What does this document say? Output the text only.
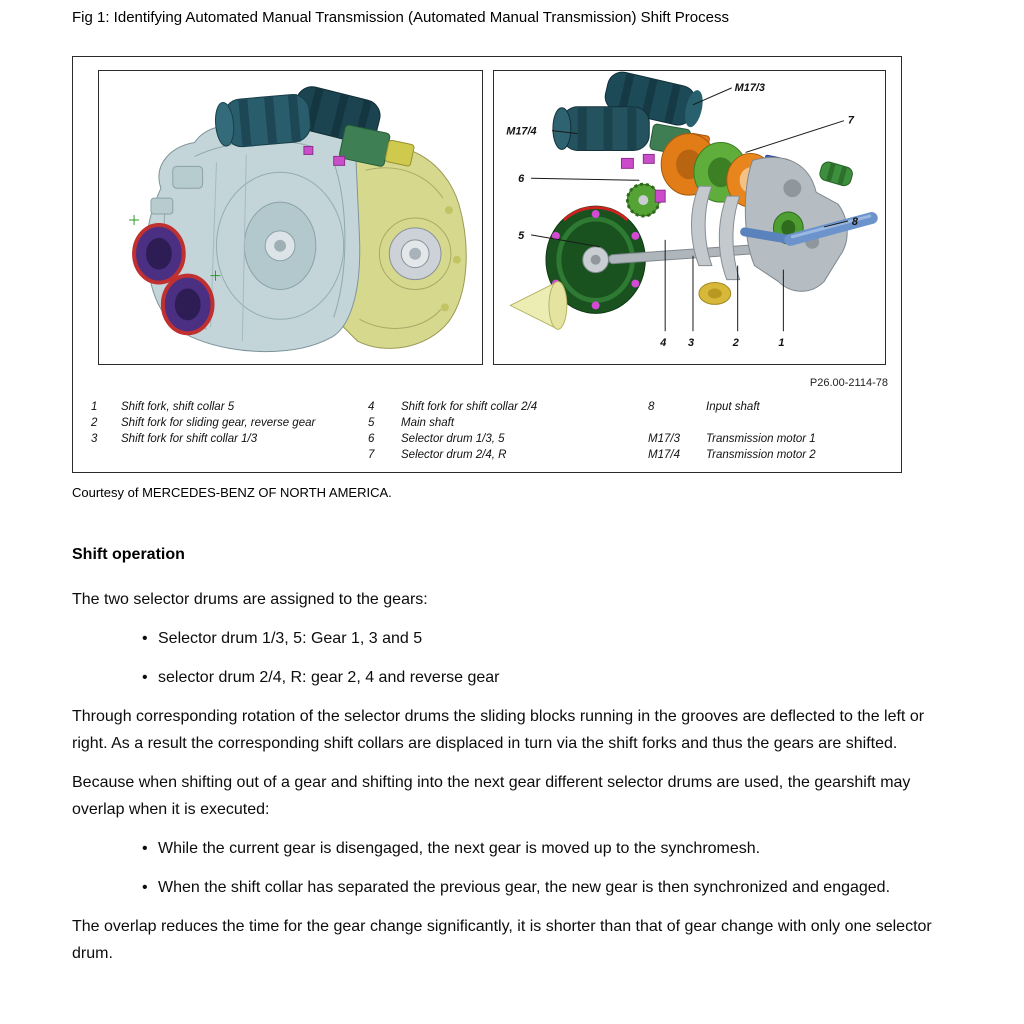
Fig 1: Identifying Automated Manual Transmission (Automated Manual Transmission) Shift Process
M17/3
7
M17/4
6
5
8
4 3	2	1
P26.00-2114-78
1	Shift fork, shift collar 5
2	Shift fork for sliding gear, reverse gear
3	Shift fork for shift collar 1/3
4	Shift fork for shift collar 2/4
5	Main shaft
6	Selector drum 1/3, 5
7	Selector drum 2/4, R
8	Input shaft
M17/3	Transmission motor 1
M17/4	Transmission motor 2
Courtesy of MERCEDES-BENZ OF NORTH AMERICA.
Shift operation

The two selector drums are assigned to the gears:

• Selector drum 1/3, 5: Gear 1, 3 and 5
• selector drum 2/4, R: gear 2, 4 and reverse gear

Through corresponding rotation of the selector drums the sliding blocks running in the grooves are deflected to the left or right. As a result the corresponding shift collars are displaced in turn via the shift forks and thus the gears are shifted.

Because when shifting out of a gear and shifting into the next gear different selector drums are used, the gearshift may overlap when it is executed:

• While the current gear is disengaged, the next gear is moved up to the synchromesh.
• When the shift collar has separated the previous gear, the new gear is then synchronized and engaged.

The overlap reduces the time for the gear change significantly, it is shorter than that of gear change with only one selector drum.
